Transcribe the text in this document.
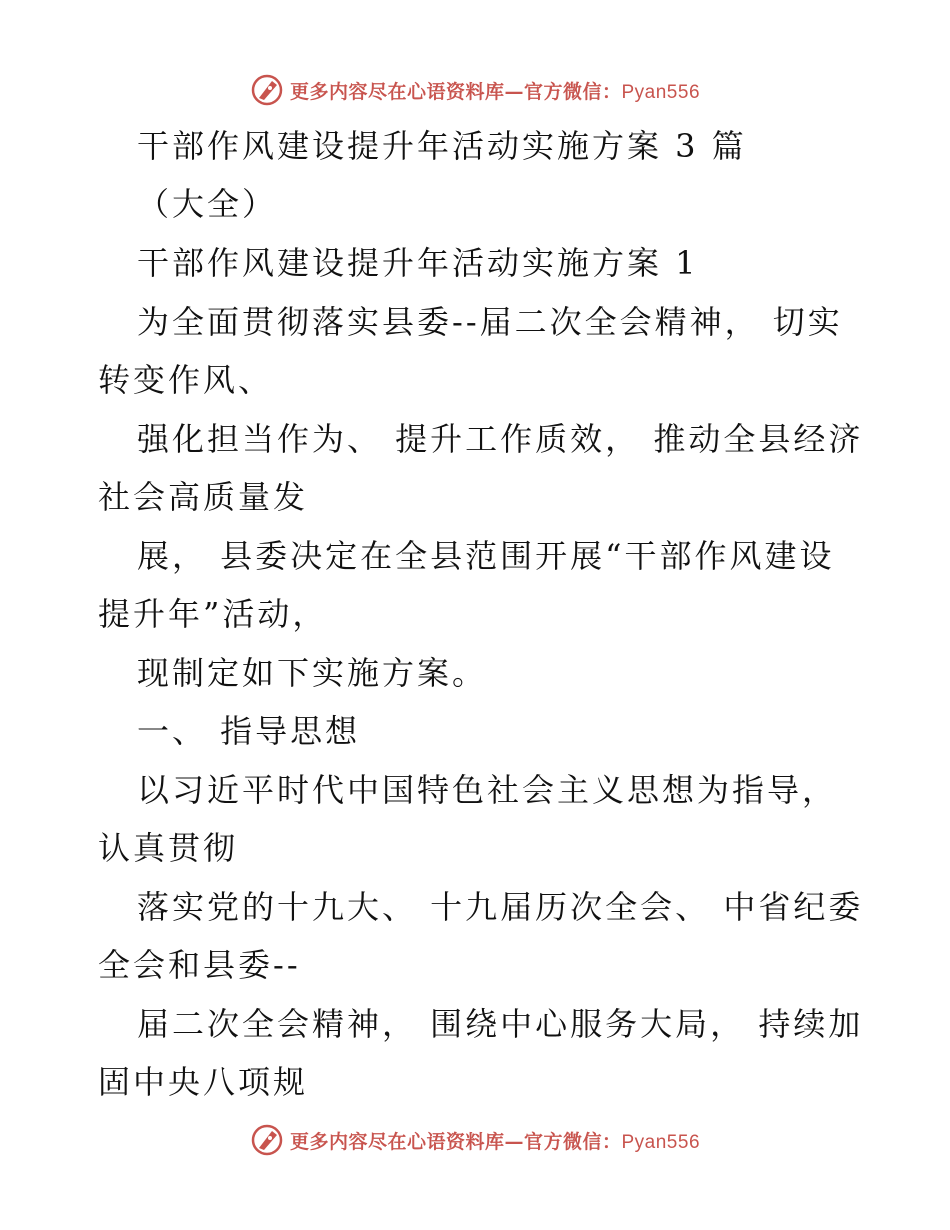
更多内容尽在心语资料库—官方微信：Pyan556
干部作风建设提升年活动实施方案 3 篇
（大全）
干部作风建设提升年活动实施方案 1
为全面贯彻落实县委--届二次全会精神， 切实
转变作风、
强化担当作为、 提升工作质效， 推动全县经济
社会高质量发
展， 县委决定在全县范围开展“干部作风建设
提升年”活动，
现制定如下实施方案。
一、 指导思想
以习近平时代中国特色社会主义思想为指导，
认真贯彻
落实党的十九大、 十九届历次全会、 中省纪委
全会和县委--
届二次全会精神， 围绕中心服务大局， 持续加
固中央八项规
更多内容尽在心语资料库—官方微信：Pyan556
